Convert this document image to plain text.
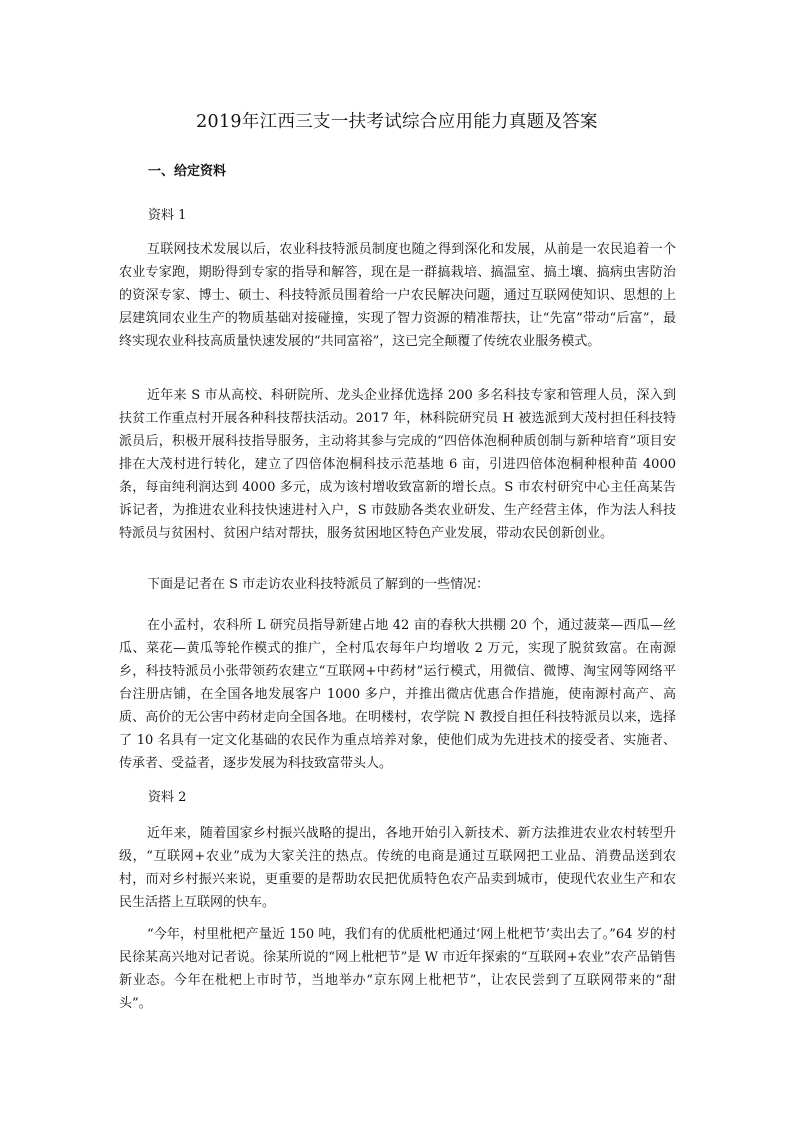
2019年江西三支一扶考试综合应用能力真题及答案
一、给定资料
资料 1

互联网技术发展以后，农业科技特派员制度也随之得到深化和发展，从前是一农民追着一个农业专家跑，期盼得到专家的指导和解答，现在是一群搞栽培、搞温室、搞土壤、搞病虫害防治的资深专家、博士、硕士、科技特派员围着给一户农民解决问题，通过互联网使知识、思想的上层建筑同农业生产的物质基础对接碰撞，实现了智力资源的精准帮扶，让“先富”带动“后富”，最终实现农业科技高质量快速发展的“共同富裕”，这已完全颠覆了传统农业服务模式。

近年来 S 市从高校、科研院所、龙头企业择优选择 200 多名科技专家和管理人员，深入到扶贫工作重点村开展各种科技帮扶活动。2017 年，林科院研究员 H 被选派到大茂村担任科技特派员后，积极开展科技指导服务，主动将其参与完成的“四倍体泡桐种质创制与新种培育”项目安排在大茂村进行转化，建立了四倍体泡桐科技示范基地 6 亩，引进四倍体泡桐种根种苗 4000 条，每亩纯利润达到 4000 多元，成为该村增收致富新的增长点。S 市农村研究中心主任高某告诉记者，为推进农业科技快速进村入户，S 市鼓励各类农业研发、生产经营主体，作为法人科技特派员与贫困村、贫困户结对帮扶，服务贫困地区特色产业发展，带动农民创新创业。

下面是记者在 S 市走访农业科技特派员了解到的一些情况：

在小孟村，农科所 L 研究员指导新建占地 42 亩的春秋大拱棚 20 个，通过菠菜—西瓜—丝瓜、菜花—黄瓜等轮作模式的推广，全村瓜农每年户均增收 2 万元，实现了脱贫致富。在南源乡，科技特派员小张带领药农建立“互联网+中药材”运行模式，用微信、微博、淘宝网等网络平台注册店铺，在全国各地发展客户 1000 多户，并推出微店优惠合作措施，使南源村高产、高质、高价的无公害中药材走向全国各地。在明楼村，农学院 N 教授自担任科技特派员以来，选择了 10 名具有一定文化基础的农民作为重点培养对象，使他们成为先进技术的接受者、实施者、传承者、受益者，逐步发展为科技致富带头人。

资料 2

近年来，随着国家乡村振兴战略的提出，各地开始引入新技术、新方法推进农业农村转型升级，“互联网+农业”成为大家关注的热点。传统的电商是通过互联网把工业品、消费品送到农村，而对乡村振兴来说，更重要的是帮助农民把优质特色农产品卖到城市，使现代农业生产和农民生活搭上互联网的快车。

“今年，村里枇杷产量近 150 吨，我们有的优质枇杷通过‘网上枇杷节’卖出去了。”64 岁的村民徐某高兴地对记者说。徐某所说的“网上枇杷节”是 W 市近年探索的“互联网+农业”农产品销售新业态。今年在枇杷上市时节，当地举办“京东网上枇杷节”，让农民尝到了互联网带来的“甜头”。
